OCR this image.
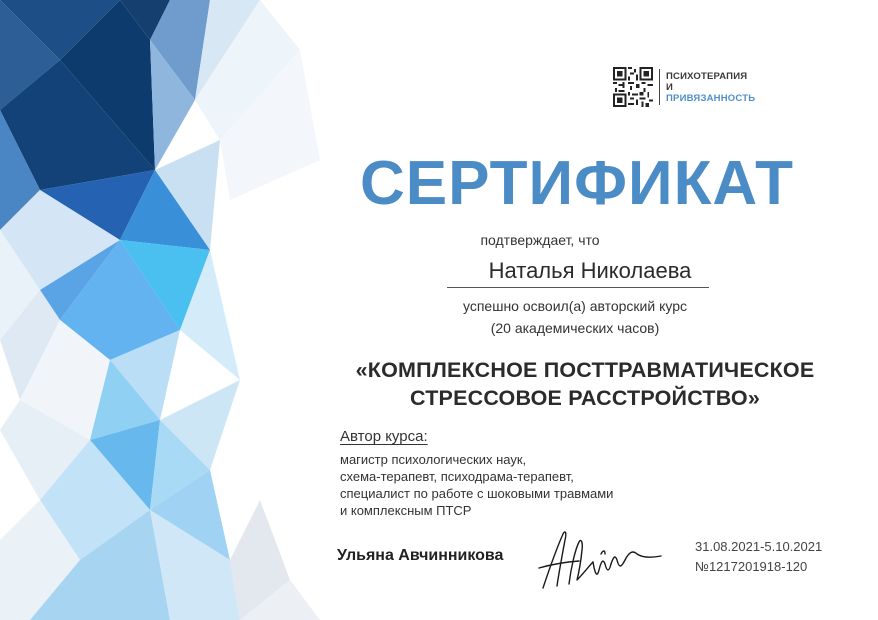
ПСИХОТЕРАПИЯ
И
ПРИВЯЗАННОСТЬ
СЕРТИФИКАТ
подтверждает, что
Наталья Николаева
успешно освоил(а) авторский курс
(20 академических часов)
«КОМПЛЕКСНОЕ ПОСТТРАВМАТИЧЕСКОЕ
СТРЕССОВОЕ РАССТРОЙСТВО»
Автор курса:
магистр психологических наук,
схема-терапевт, психодрама-терапевт,
специалист по работе с шоковыми травмами
и комплексным ПТСР
Ульяна Авчинникова
31.08.2021-5.10.2021
№1217201918-120
